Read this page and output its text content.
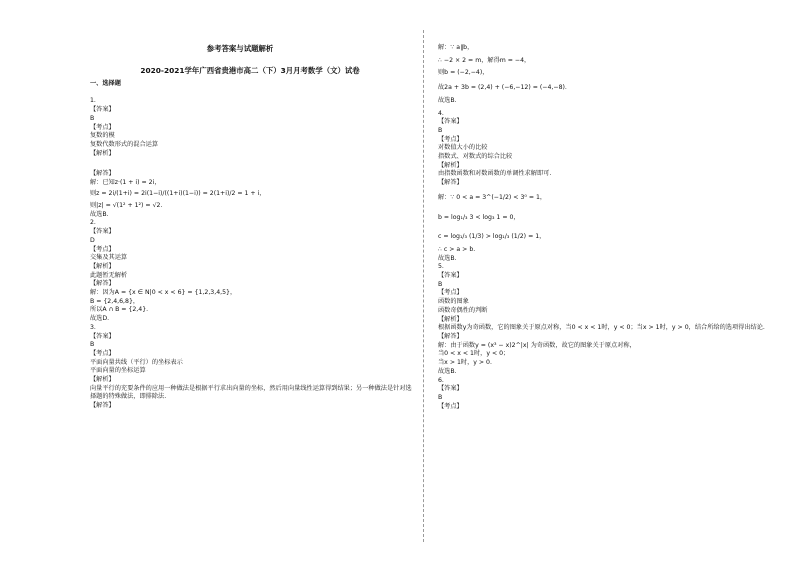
参考答案与试题解析
2020-2021学年广西省贵港市高二（下）3月月考数学（文）试卷
一、选择题
1.
【答案】
B
【考点】
复数的模
复数代数形式的混合运算
【解析】
【解答】
解：已知z·(1 + i) = 2i，
则z = 2i/(1+i) = 2i(1−i)/((1+i)(1−i)) = 2(1+i)/2 = 1 + i，
则|z| = √(1² + 1²) = √2.
故选B.
2.
【答案】
D
【考点】
交集及其运算
【解析】
此题暂无解析
【解答】
解：因为A = {x ∈ N|0 < x < 6} = {1,2,3,4,5}，
B = {2,4,6,8}，
所以A ∩ B = {2,4}.
故选D.
3.
【答案】
B
【考点】
平面向量共线（平行）的坐标表示
平面向量的坐标运算
【解析】
向量平行的充要条件的应用一种做法是根据平行求出向量的坐标，然后用向量线性运算得到结果；另一种做法是针对选择题的特殊做法，即排除法.
【解答】
解：∵ a∥b，
∴ −2 × 2 = m，解得m = −4，
则b = (−2,−4)，
故2a + 3b = (2,4) + (−6,−12) = (−4,−8).
故选B.
4.
【答案】
B
【考点】
对数值大小的比较
指数式、对数式的综合比较
【解析】
由指数函数和对数函数的单调性求解即可.
【解答】
解：∵ 0 < a = 3^(−1/2) < 3⁰ = 1，
b = log₁/₃ 3 < log₃ 1 = 0，
c = log₁/₃ (1/3) > log₁/₃ (1/2) = 1，
∴ c > a > b.
故选B.
5.
【答案】
B
【考点】
函数的图象
函数奇偶性的判断
【解析】
根据函数y为奇函数，它的图象关于原点对称，当0 < x < 1时，y < 0；当x > 1时，y > 0，结合所给的选项得出结论.
【解答】
解：由于函数y = (x³ − x)2^|x| 为奇函数，故它的图象关于原点对称，
当0 < x < 1时，y < 0；
当x > 1时，y > 0.
故选B.
6.
【答案】
B
【考点】
